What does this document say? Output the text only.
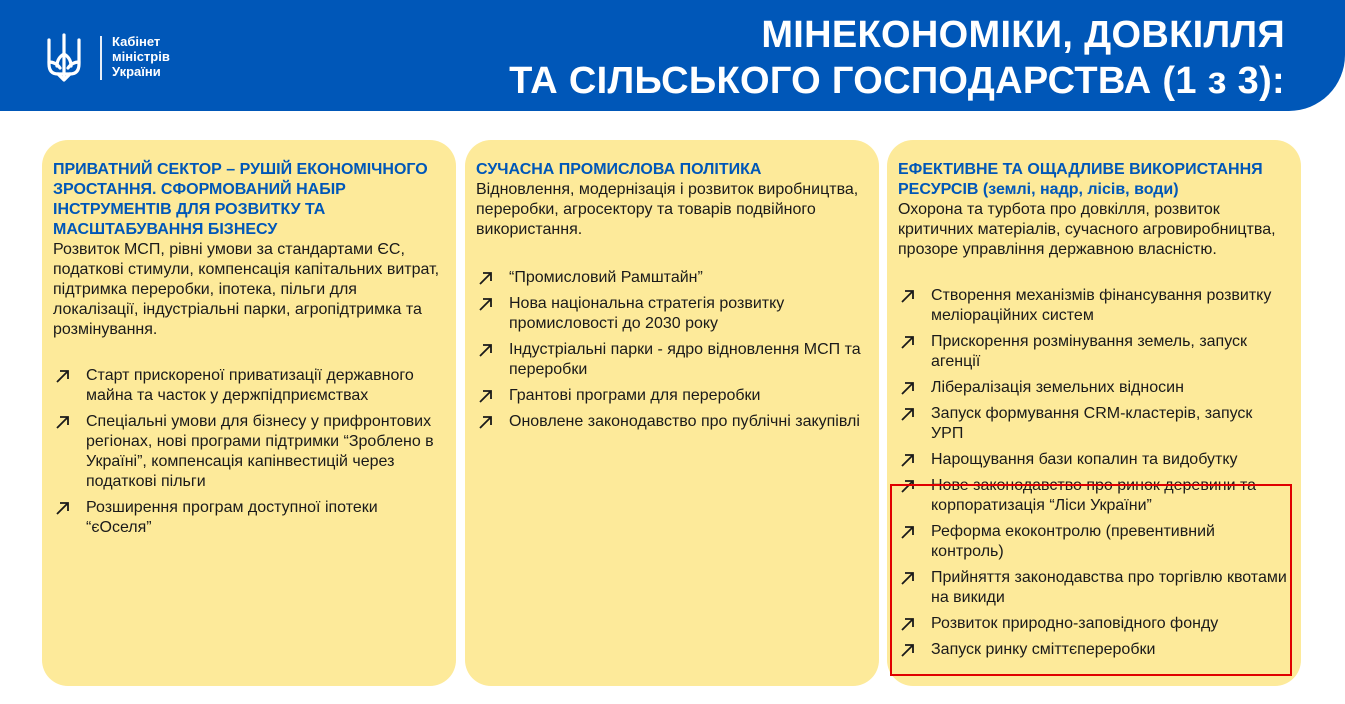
Кабінет
міністрів
України
МІНЕКОНОМІКИ, ДОВКІЛЛЯ
ТА СІЛЬСЬКОГО ГОСПОДАРСТВА (1 з 3):
ПРИВАТНИЙ СЕКТОР – РУШІЙ ЕКОНОМІЧНОГО ЗРОСТАННЯ. СФОРМОВАНИЙ НАБІР ІНСТРУМЕНТІВ ДЛЯ РОЗВИТКУ ТА МАСШТАБУВАННЯ БІЗНЕСУ
Розвиток МСП, рівні умови за стандартами ЄС, податкові стимули, компенсація капітальних витрат, підтримка переробки, іпотека, пільги для локалізації, індустріальні парки, агропідтримка та розмінування.
Старт прискореної приватизації державного майна та часток у держпідприємствах
Спеціальні умови для бізнесу у прифронтових регіонах, нові програми підтримки “Зроблено в Україні”, компенсація капінвестицій через податкові пільги
Розширення програм доступної іпотеки “єОселя”
СУЧАСНА ПРОМИСЛОВА ПОЛІТИКА
Відновлення, модернізація і розвиток виробництва, переробки, агросектору та товарів подвійного використання.
“Промисловий Рамштайн”
Нова національна стратегія розвитку промисловості до 2030 року
Індустріальні парки - ядро відновлення МСП та переробки
Грантові програми для переробки
Оновлене законодавство про публічні закупівлі
ЕФЕКТИВНЕ ТА ОЩАДЛИВЕ ВИКОРИСТАННЯ РЕСУРСІВ (землі, надр, лісів, води)
Охорона та турбота про довкілля, розвиток критичних матеріалів, сучасного агровиробництва, прозоре управління державною власністю.
Створення механізмів фінансування розвитку меліораційних систем
Прискорення розмінування земель, запуск агенції
Лібералізація земельних відносин
Запуск формування CRM-кластерів, запуск УРП
Нарощування бази копалин та видобутку
Нове законодавство про ринок деревини та корпоратизація “Ліси України”
Реформа екоконтролю (превентивний контроль)
Прийняття законодавства про торгівлю квотами на викиди
Розвиток природно-заповідного фонду
Запуск ринку сміттєпереробки
